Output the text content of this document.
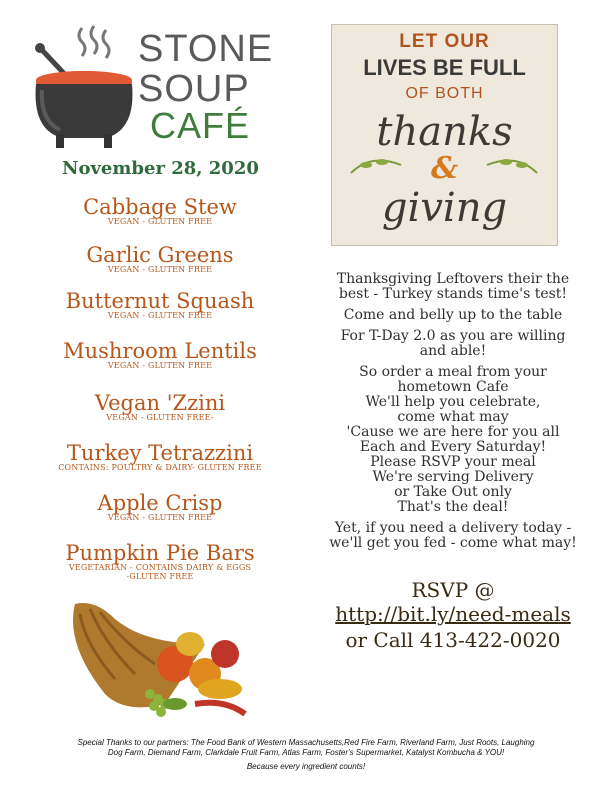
STONE
SOUP
CAFÉ
November 28, 2020
Cabbage Stew
VEGAN - GLUTEN FREE
Garlic Greens
VEGAN - GLUTEN FREE
Butternut Squash
VEGAN - GLUTEN FREE
Mushroom Lentils
VEGAN - GLUTEN FREE
Vegan 'Zzini
VEGAN - GLUTEN FREE-
Turkey Tetrazzini
CONTAINS: POULTRY & DAIRY- GLUTEN FREE
Apple Crisp
VEGAN - GLUTEN FREE
Pumpkin Pie Bars
VEGETARIAN - CONTAINS DAIRY & EGGS
-GLUTEN FREE
LET OUR
LIVES BE FULL
OF BOTH
thanks
&
giving

Thanksgiving Leftovers their the

best - Turkey stands time's test!

Come and belly up to the table

For T-Day 2.0 as you are willing

and able!

So order a meal from your

hometown Cafe

We'll help you celebrate,

come what may

'Cause we are here for you all

Each and Every Saturday!

Please RSVP your meal

We're serving Delivery

or Take Out only

That's the deal!

Yet, if you need a delivery today -

we'll get you fed - come what may!

RSVP @
http://bit.ly/need-meals
or Call 413-422-0020
Special Thanks to our partners: The Food Bank of Western Massachusetts,Red Fire Farm, Riverland Farm, Just Roots, Laughing
Dog Farm, Diemand Farm, Clarkdale Fruit Farm, Atlas Farm, Foster's Supermarket, Katalyst Kombucha & YOU!
Because every ingredient counts!
